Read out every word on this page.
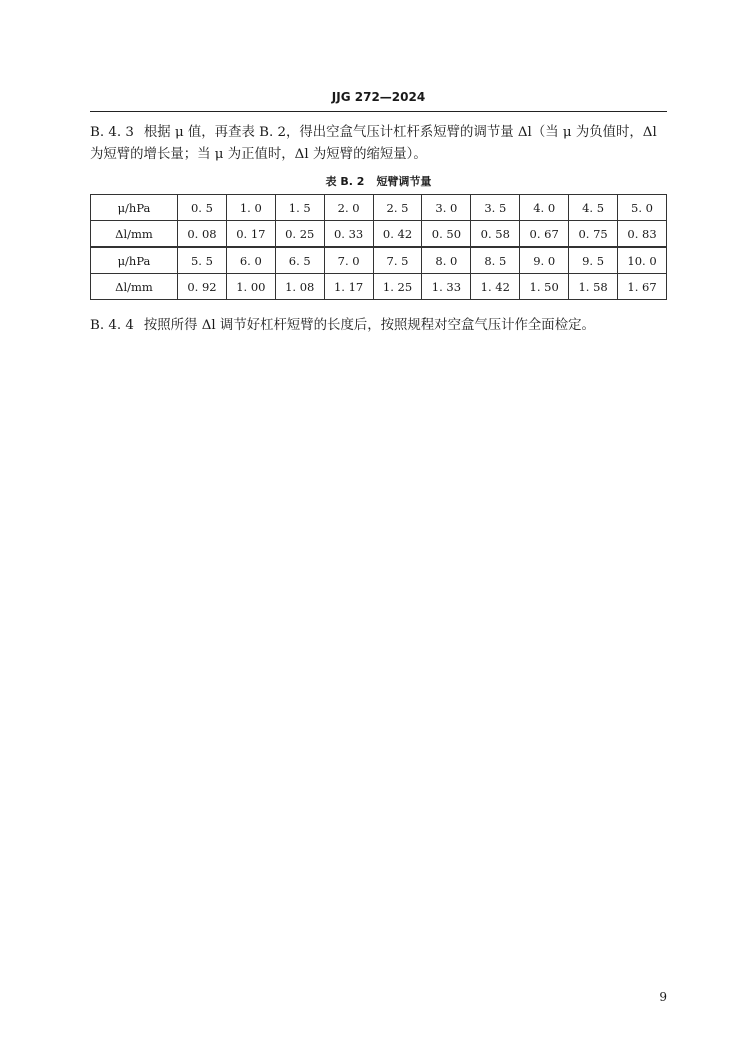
JJG 272—2024

B. 4. 3 根据 μ 值，再查表 B. 2，得出空盒气压计杠杆系短臂的调节量 Δl（当 μ 为负值时，Δl 为短臂的增长量；当 μ 为正值时，Δl 为短臂的缩短量）。

表 B. 2 短臂调节量
μ/hPa	0. 5	1. 0	1. 5	2. 0	2. 5	3. 0	3. 5	4. 0	4. 5	5. 0
Δl/mm	0. 08	0. 17	0. 25	0. 33	0. 42	0. 50	0. 58	0. 67	0. 75	0. 83
μ/hPa	5. 5	6. 0	6. 5	7. 0	7. 5	8. 0	8. 5	9. 0	9. 5	10. 0
Δl/mm	0. 92	1. 00	1. 08	1. 17	1. 25	1. 33	1. 42	1. 50	1. 58	1. 67

B. 4. 4 按照所得 Δl 调节好杠杆短臂的长度后，按照规程对空盒气压计作全面检定。

9
